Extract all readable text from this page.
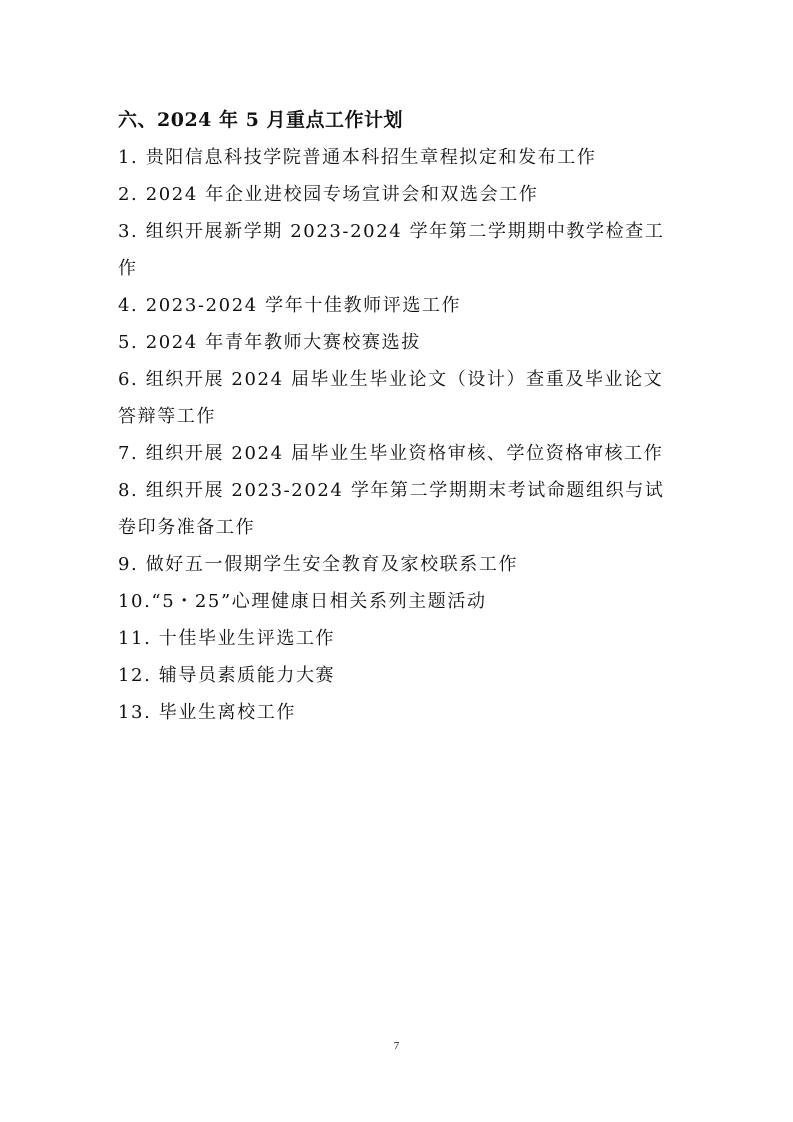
六、2024 年 5 月重点工作计划
1. 贵阳信息科技学院普通本科招生章程拟定和发布工作
2. 2024 年企业进校园专场宣讲会和双选会工作
3. 组织开展新学期 2023-2024 学年第二学期期中教学检查工作
4. 2023-2024 学年十佳教师评选工作
5. 2024 年青年教师大赛校赛选拔
6. 组织开展 2024 届毕业生毕业论文（设计）查重及毕业论文答辩等工作
7. 组织开展 2024 届毕业生毕业资格审核、学位资格审核工作
8. 组织开展 2023-2024 学年第二学期期末考试命题组织与试卷印务准备工作
9. 做好五一假期学生安全教育及家校联系工作
10.“5・25”心理健康日相关系列主题活动
11. 十佳毕业生评选工作
12. 辅导员素质能力大赛
13. 毕业生离校工作
7
